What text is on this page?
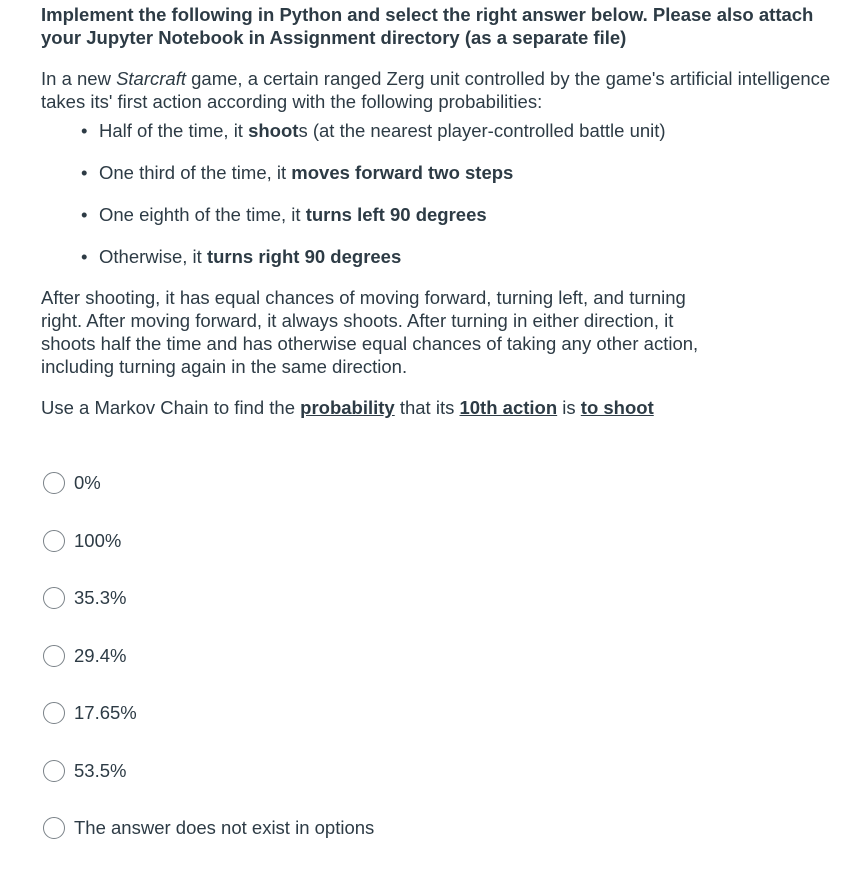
Implement the following in Python and select the right answer below. Please also attach your Jupyter Notebook in Assignment directory (as a separate file)

In a new Starcraft game, a certain ranged Zerg unit controlled by the game's artificial intelligence takes its' first action according with the following probabilities:

• Half of the time, it shoots (at the nearest player-controlled battle unit)
• One third of the time, it moves forward two steps
• One eighth of the time, it turns left 90 degrees
• Otherwise, it turns right 90 degrees

After shooting, it has equal chances of moving forward, turning left, and turning right. After moving forward, it always shoots. After turning in either direction, it shoots half the time and has otherwise equal chances of taking any other action, including turning again in the same direction.

Use a Markov Chain to find the probability that its 10th action is to shoot

0%
100%
35.3%
29.4%
17.65%
53.5%
The answer does not exist in options
